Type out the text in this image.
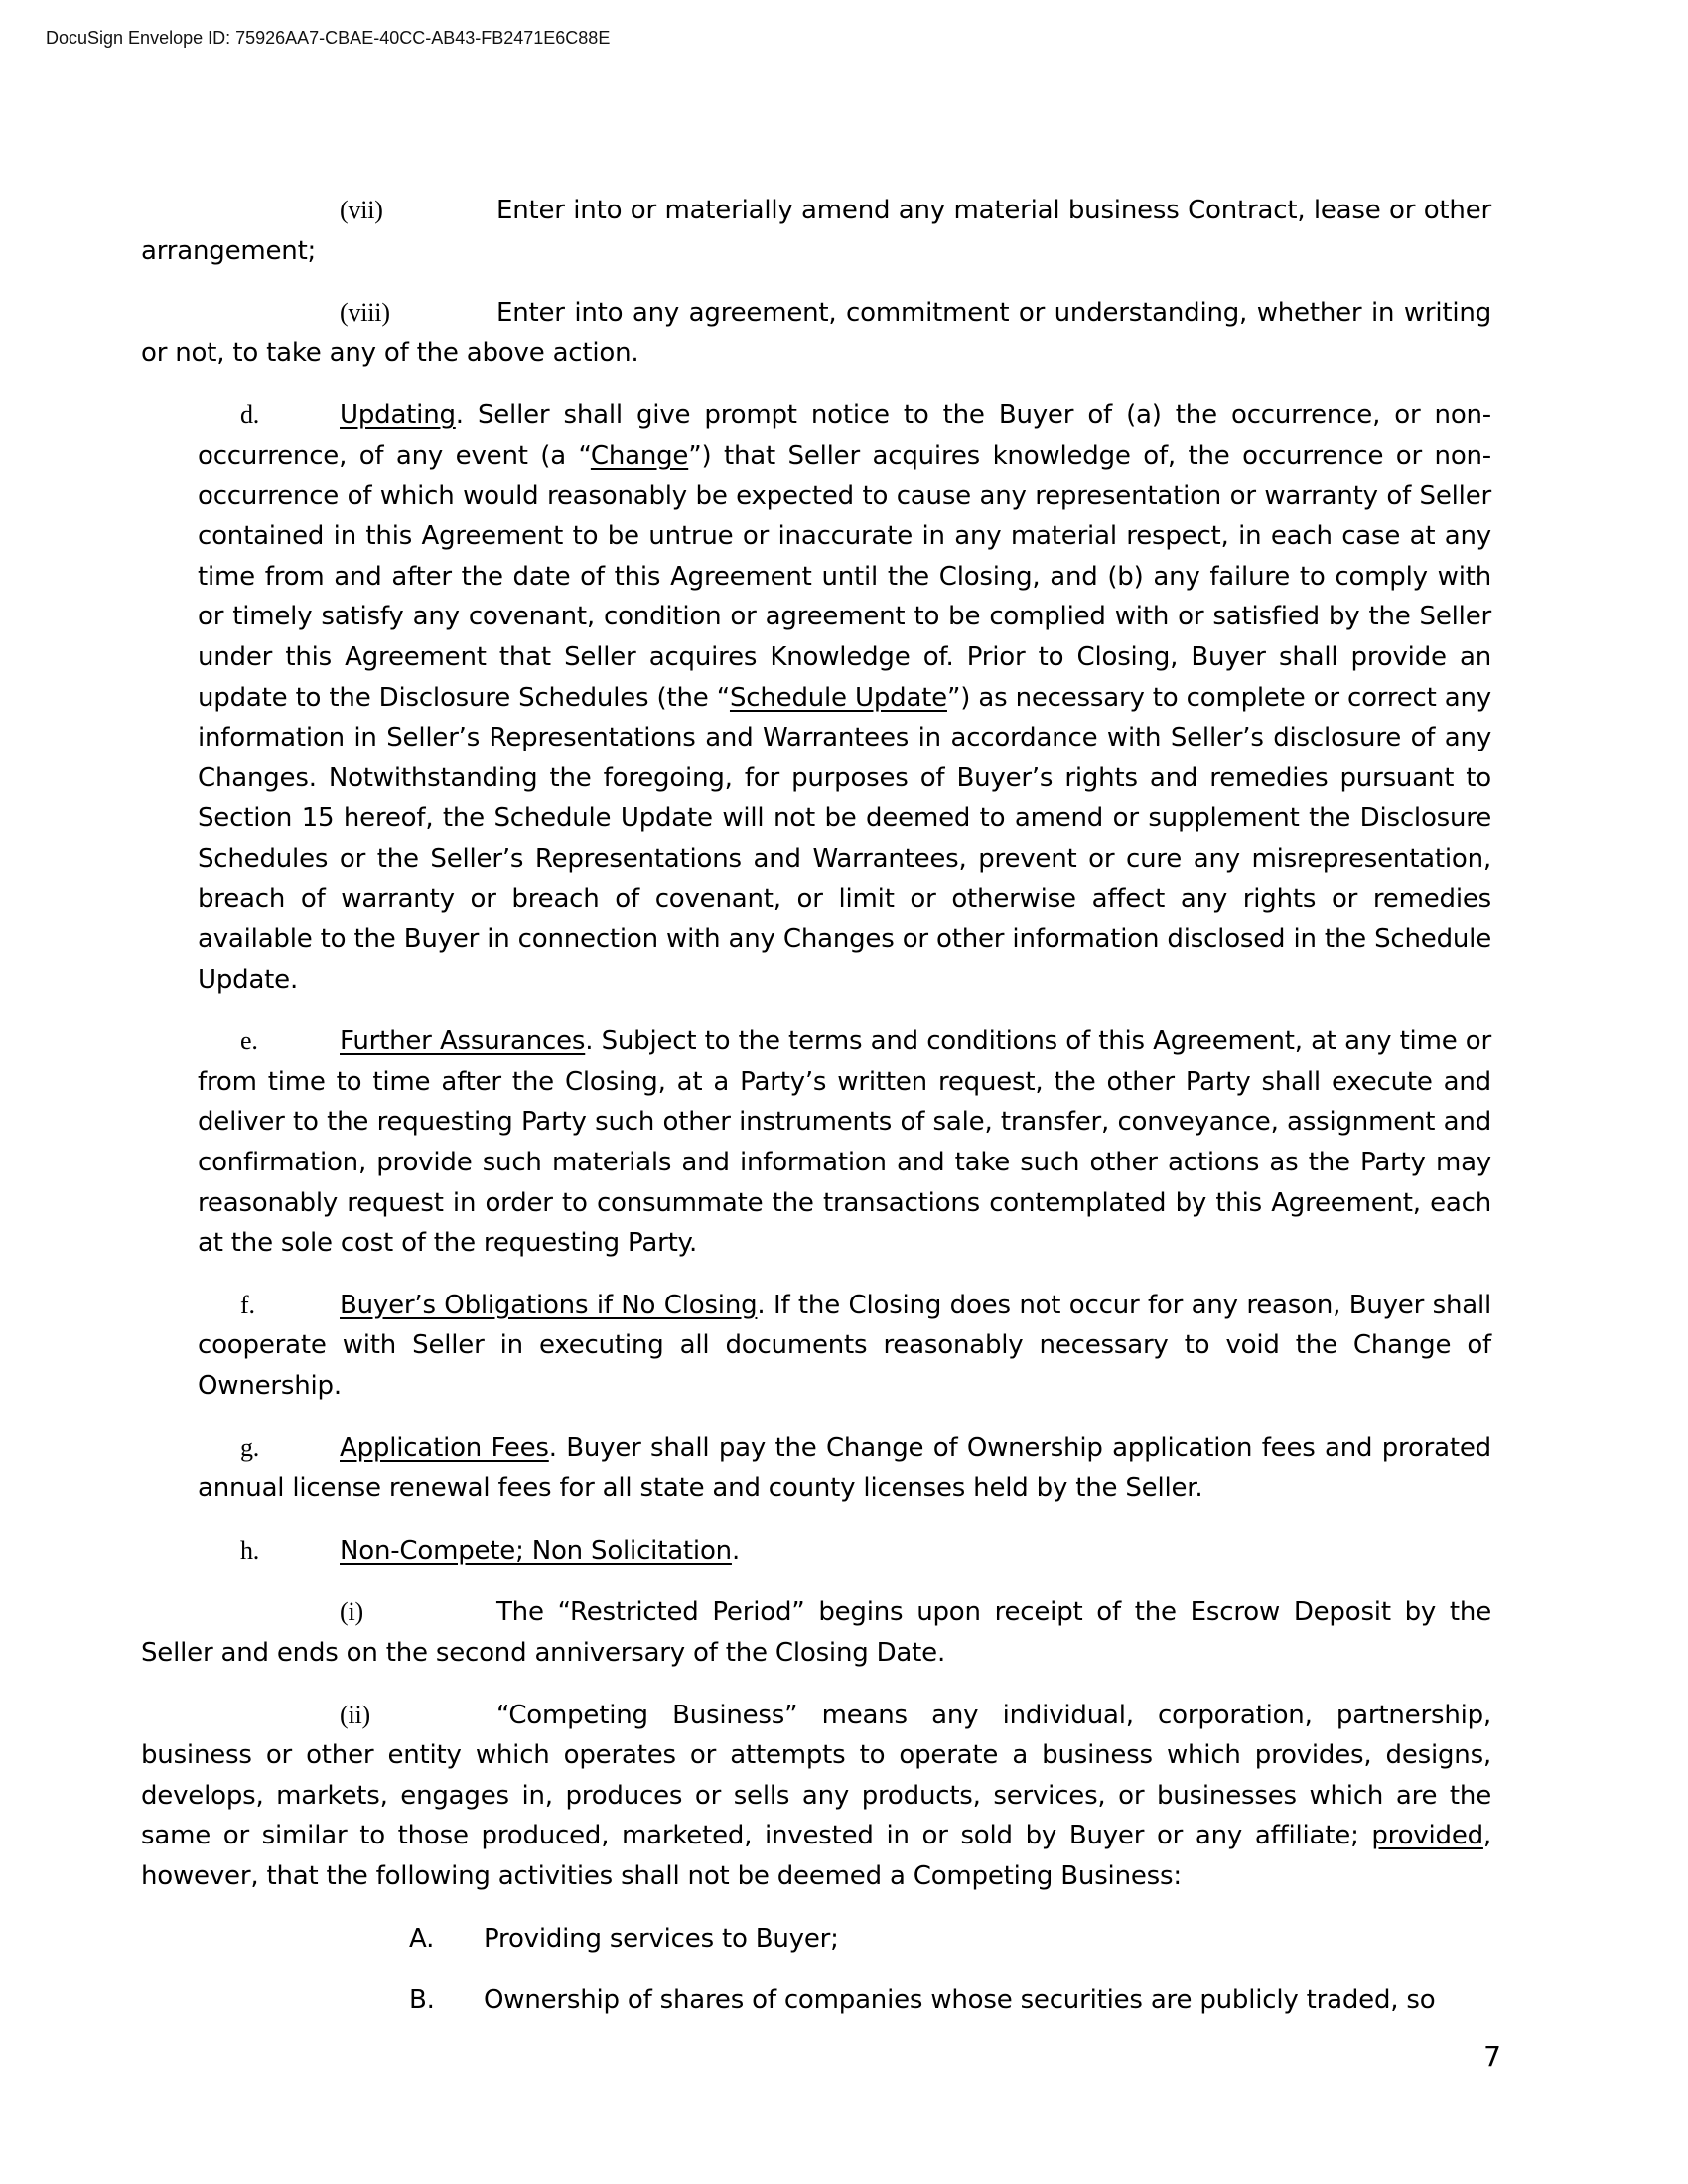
DocuSign Envelope ID: 75926AA7-CBAE-40CC-AB43-FB2471E6C88E

(vii)	Enter into or materially amend any material business Contract, lease or other arrangement;

(viii)	Enter into any agreement, commitment or understanding, whether in writing or not, to take any of the above action.

d.	Updating. Seller shall give prompt notice to the Buyer of (a) the occurrence, or non- occurrence, of any event (a “Change”) that Seller acquires knowledge of, the occurrence or non-occurrence of which would reasonably be expected to cause any representation or warranty of Seller contained in this Agreement to be untrue or inaccurate in any material respect, in each case at any time from and after the date of this Agreement until the Closing, and (b) any failure to comply with or timely satisfy any covenant, condition or agreement to be complied with or satisfied by the Seller under this Agreement that Seller acquires Knowledge of. Prior to Closing, Buyer shall provide an update to the Disclosure Schedules (the “Schedule Update”) as necessary to complete or correct any information in Seller’s Representations and Warrantees in accordance with Seller’s disclosure of any Changes. Notwithstanding the foregoing, for purposes of Buyer’s rights and remedies pursuant to Section 15 hereof, the Schedule Update will not be deemed to amend or supplement the Disclosure Schedules or the Seller’s Representations and Warrantees, prevent or cure any misrepresentation, breach of warranty or breach of covenant, or limit or otherwise affect any rights or remedies available to the Buyer in connection with any Changes or other information disclosed in the Schedule Update.

e.	Further Assurances. Subject to the terms and conditions of this Agreement, at any time or from time to time after the Closing, at a Party’s written request, the other Party shall execute and deliver to the requesting Party such other instruments of sale, transfer, conveyance, assignment and confirmation, provide such materials and information and take such other actions as the Party may reasonably request in order to consummate the transactions contemplated by this Agreement, each at the sole cost of the requesting Party.

f.	Buyer’s Obligations if No Closing. If the Closing does not occur for any reason, Buyer shall cooperate with Seller in executing all documents reasonably necessary to void the Change of Ownership.

g.	Application Fees. Buyer shall pay the Change of Ownership application fees and prorated annual license renewal fees for all state and county licenses held by the Seller.

h.	Non-Compete; Non Solicitation.

(i)	The “Restricted Period” begins upon receipt of the Escrow Deposit by the Seller and ends on the second anniversary of the Closing Date.

(ii)	“Competing Business” means any individual, corporation, partnership, business or other entity which operates or attempts to operate a business which provides, designs, develops, markets, engages in, produces or sells any products, services, or businesses which are the same or similar to those produced, marketed, invested in or sold by Buyer or any affiliate; provided, however, that the following activities shall not be deemed a Competing Business:

A. Providing services to Buyer;

B. Ownership of shares of companies whose securities are publicly traded, so

7
